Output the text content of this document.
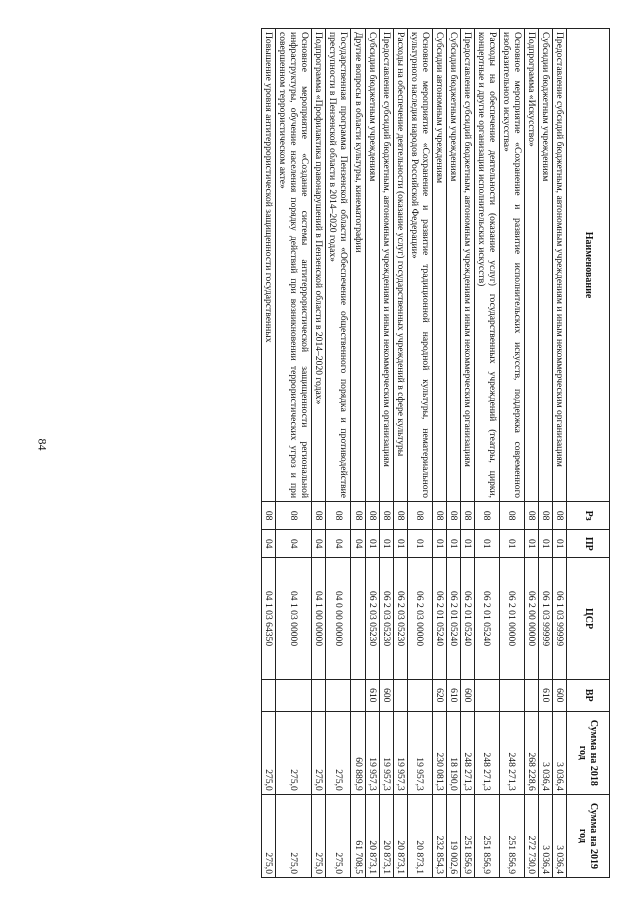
84
Наименование	Рз	ПР	ЦСР	ВР	Сумма на 2018 год	Сумма на 2019 год
Предоставление субсидий бюджетным, автономным учреждениям и иным некоммерческим организациям	08	01	06 1 03 99999	600	3 036,4	3 036,4
Субсидии бюджетным учреждениям	08	01	06 1 03 99999	610	3 036,4	3 036,4
Подпрограмма «Искусство»	08	01	06 2 00 00000		268 228,6	272 730,0
Основное мероприятие «Сохранение и развитие исполнительских искусств, поддержка современного изобразительного искусства»	08	01	06 2 01 00000		248 271,3	251 856,9
Расходы на обеспечение деятельности (оказание услуг) государственных учреждений (театры, цирки, концертные и другие организации исполнительских искусств)	08	01	06 2 01 05240		248 271,3	251 856,9
Предоставление субсидий бюджетным, автономным учреждениям и иным некоммерческим организациям	08	01	06 2 01 05240	600	248 271,3	251 856,9
Субсидии бюджетным учреждениям	08	01	06 2 01 05240	610	18 190,0	19 002,6
Субсидии автономным учреждениям	08	01	06 2 01 05240	620	230 081,3	232 854,3
Основное мероприятие «Сохранение и развитие традиционной народной культуры, нематериального культурного наследия народов Российской Федерации»	08	01	06 2 03 00000		19 957,3	20 873,1
Расходы на обеспечение деятельности (оказание услуг) государственных учреждений в сфере культуры	08	01	06 2 03 05230		19 957,3	20 873,1
Предоставление субсидий бюджетным, автономным учреждениям и иным некоммерческим организациям	08	01	06 2 03 05230	600	19 957,3	20 873,1
Субсидии бюджетным учреждениям	08	01	06 2 03 05230	610	19 957,3	20 873,1
Другие вопросы в области культуры, кинематографии	08	04			60 889,9	61 708,5
Государственная программа Пензенской области «Обеспечение общественного порядка и противодействие преступности в Пензенской области в 2014–2020 годах»	08	04	04 0 00 00000		275,0	275,0
Подпрограмма «Профилактика правонарушений в Пензенской области в 2014–2020 годах»	08	04	04 1 00 00000		275,0	275,0
Основное мероприятие «Создание системы антитеррористической защищенности региональной инфраструктуры, обучение населения порядку действий при возникновении террористических угроз и при совершенном террористическом акте»	08	04	04 1 03 00000		275,0	275,0
Повышение уровня антитеррористической защищенности государственных	08	04	04 1 03 64350		275,0	275,0
